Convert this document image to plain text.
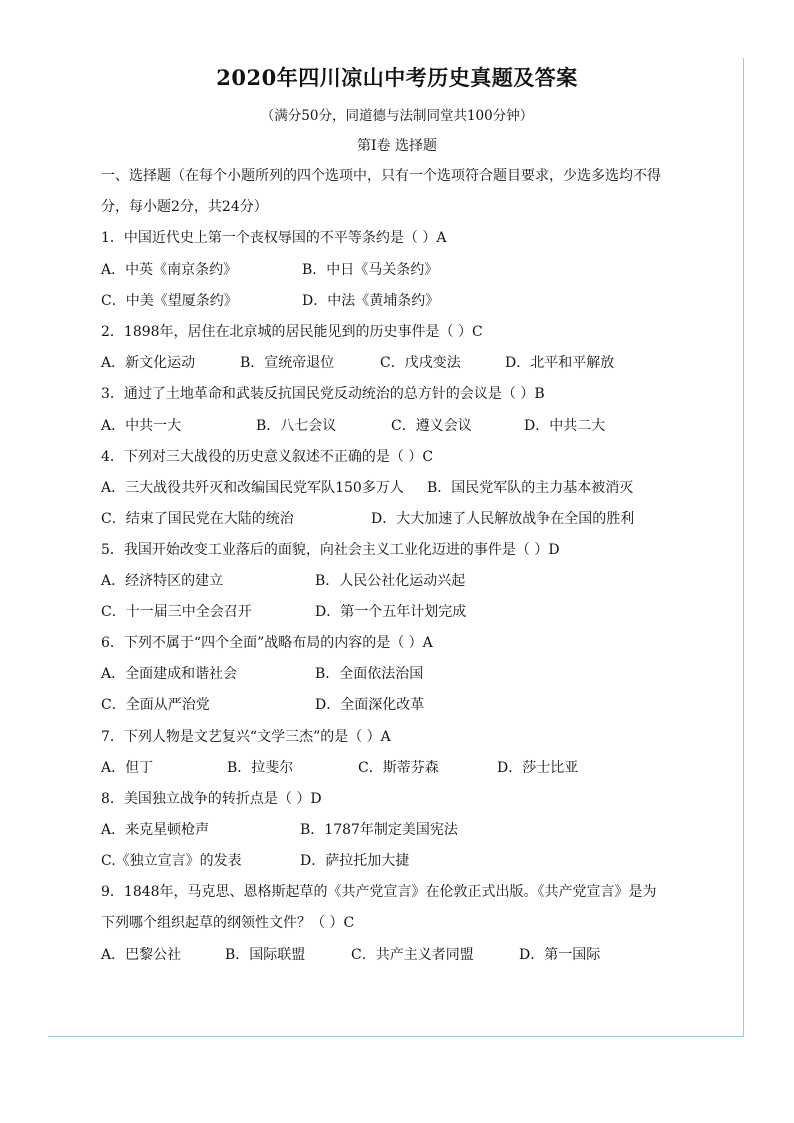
2020年四川凉山中考历史真题及答案
（满分50分，同道德与法制同堂共100分钟）
第Ⅰ卷 选择题
一、选择题（在每个小题所列的四个选项中，只有一个选项符合题目要求，少选多选均不得
分，每小题2分，共24分）
1．中国近代史上第一个丧权辱国的不平等条约是（ ）A
A．中英《南京条约》	B．中日《马关条约》
C．中美《望厦条约》	D．中法《黄埔条约》
2．1898年，居住在北京城的居民能见到的历史事件是（ ）C
A．新文化运动	B．宣统帝退位	C．戊戌变法	D．北平和平解放
3．通过了土地革命和武装反抗国民党反动统治的总方针的会议是（ ）B
A．中共一大	B．八七会议	C．遵义会议	D．中共二大
4．下列对三大战役的历史意义叙述不正确的是（ ）C
A．三大战役共歼灭和改编国民党军队150多万人 B．国民党军队的主力基本被消灭
C．结束了国民党在大陆的统治	D．大大加速了人民解放战争在全国的胜利
5．我国开始改变工业落后的面貌，向社会主义工业化迈进的事件是（ ）D
A．经济特区的建立	B．人民公社化运动兴起
C．十一届三中全会召开	D．第一个五年计划完成
6．下列不属于“四个全面”战略布局的内容的是（ ）A
A．全面建成和谐社会	B．全面依法治国
C．全面从严治党	D．全面深化改革
7．下列人物是文艺复兴“文学三杰”的是（ ）A
A．但丁	B．拉斐尔	C．斯蒂芬森	D．莎士比亚
8．美国独立战争的转折点是（ ）D
A．来克星顿枪声	B．1787年制定美国宪法
C.《独立宣言》的发表	D．萨拉托加大捷
9．1848年，马克思、恩格斯起草的《共产党宣言》在伦敦正式出版。《共产党宣言》是为
下列哪个组织起草的纲领性文件？（ ）C
A．巴黎公社	B．国际联盟	C．共产主义者同盟	D．第一国际
